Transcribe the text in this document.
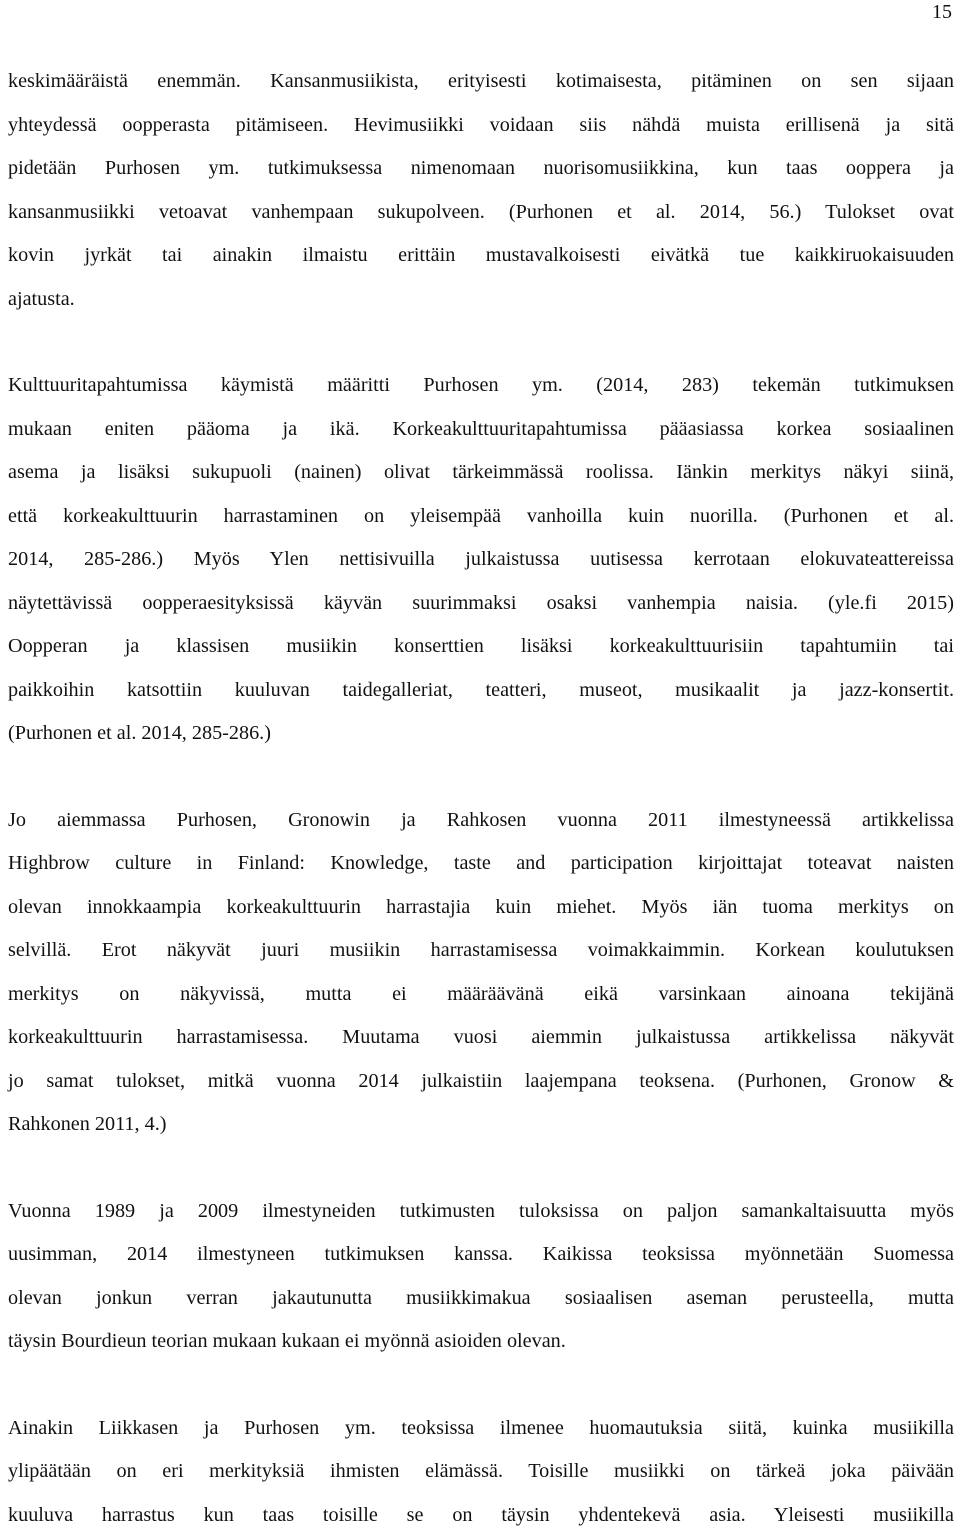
15

keskimääräistä enemmän. Kansanmusiikista, erityisesti kotimaisesta, pitäminen on sen sijaan
yhteydessä oopperasta pitämiseen. Hevimusiikki voidaan siis nähdä muista erillisenä ja sitä
pidetään Purhosen ym. tutkimuksessa nimenomaan nuorisomusiikkina, kun taas ooppera ja
kansanmusiikki vetoavat vanhempaan sukupolveen. (Purhonen et al. 2014, 56.) Tulokset ovat
kovin jyrkät tai ainakin ilmaistu erittäin mustavalkoisesti eivätkä tue kaikkiruokaisuuden
ajatusta.

Kulttuuritapahtumissa käymistä määritti Purhosen ym. (2014, 283) tekemän tutkimuksen
mukaan eniten pääoma ja ikä. Korkeakulttuuritapahtumissa pääasiassa korkea sosiaalinen
asema ja lisäksi sukupuoli (nainen) olivat tärkeimmässä roolissa. Iänkin merkitys näkyi siinä,
että korkeakulttuurin harrastaminen on yleisempää vanhoilla kuin nuorilla. (Purhonen et al.
2014, 285-286.) Myös Ylen nettisivuilla julkaistussa uutisessa kerrotaan elokuvateattereissa
näytettävissä oopperaesityksissä käyvän suurimmaksi osaksi vanhempia naisia. (yle.fi 2015)
Oopperan ja klassisen musiikin konserttien lisäksi korkeakulttuurisiin tapahtumiin tai
paikkoihin katsottiin kuuluvan taidegalleriat, teatteri, museot, musikaalit ja jazz-konsertit.
(Purhonen et al. 2014, 285-286.)

Jo aiemmassa Purhosen, Gronowin ja Rahkosen vuonna 2011 ilmestyneessä artikkelissa
Highbrow culture in Finland: Knowledge, taste and participation kirjoittajat toteavat naisten
olevan innokkaampia korkeakulttuurin harrastajia kuin miehet. Myös iän tuoma merkitys on
selvillä. Erot näkyvät juuri musiikin harrastamisessa voimakkaimmin. Korkean koulutuksen
merkitys on näkyvissä, mutta ei määräävänä eikä varsinkaan ainoana tekijänä
korkeakulttuurin harrastamisessa. Muutama vuosi aiemmin julkaistussa artikkelissa näkyvät
jo samat tulokset, mitkä vuonna 2014 julkaistiin laajempana teoksena. (Purhonen, Gronow &
Rahkonen 2011, 4.)

Vuonna 1989 ja 2009 ilmestyneiden tutkimusten tuloksissa on paljon samankaltaisuutta myös
uusimman, 2014 ilmestyneen tutkimuksen kanssa. Kaikissa teoksissa myönnetään Suomessa
olevan jonkun verran jakautunutta musiikkimakua sosiaalisen aseman perusteella, mutta
täysin Bourdieun teorian mukaan kukaan ei myönnä asioiden olevan.

Ainakin Liikkasen ja Purhosen ym. teoksissa ilmenee huomautuksia siitä, kuinka musiikilla
ylipäätään on eri merkityksiä ihmisten elämässä. Toisille musiikki on tärkeä joka päivään
kuuluva harrastus kun taas toisille se on täysin yhdentekevä asia. Yleisesti musiikilla
